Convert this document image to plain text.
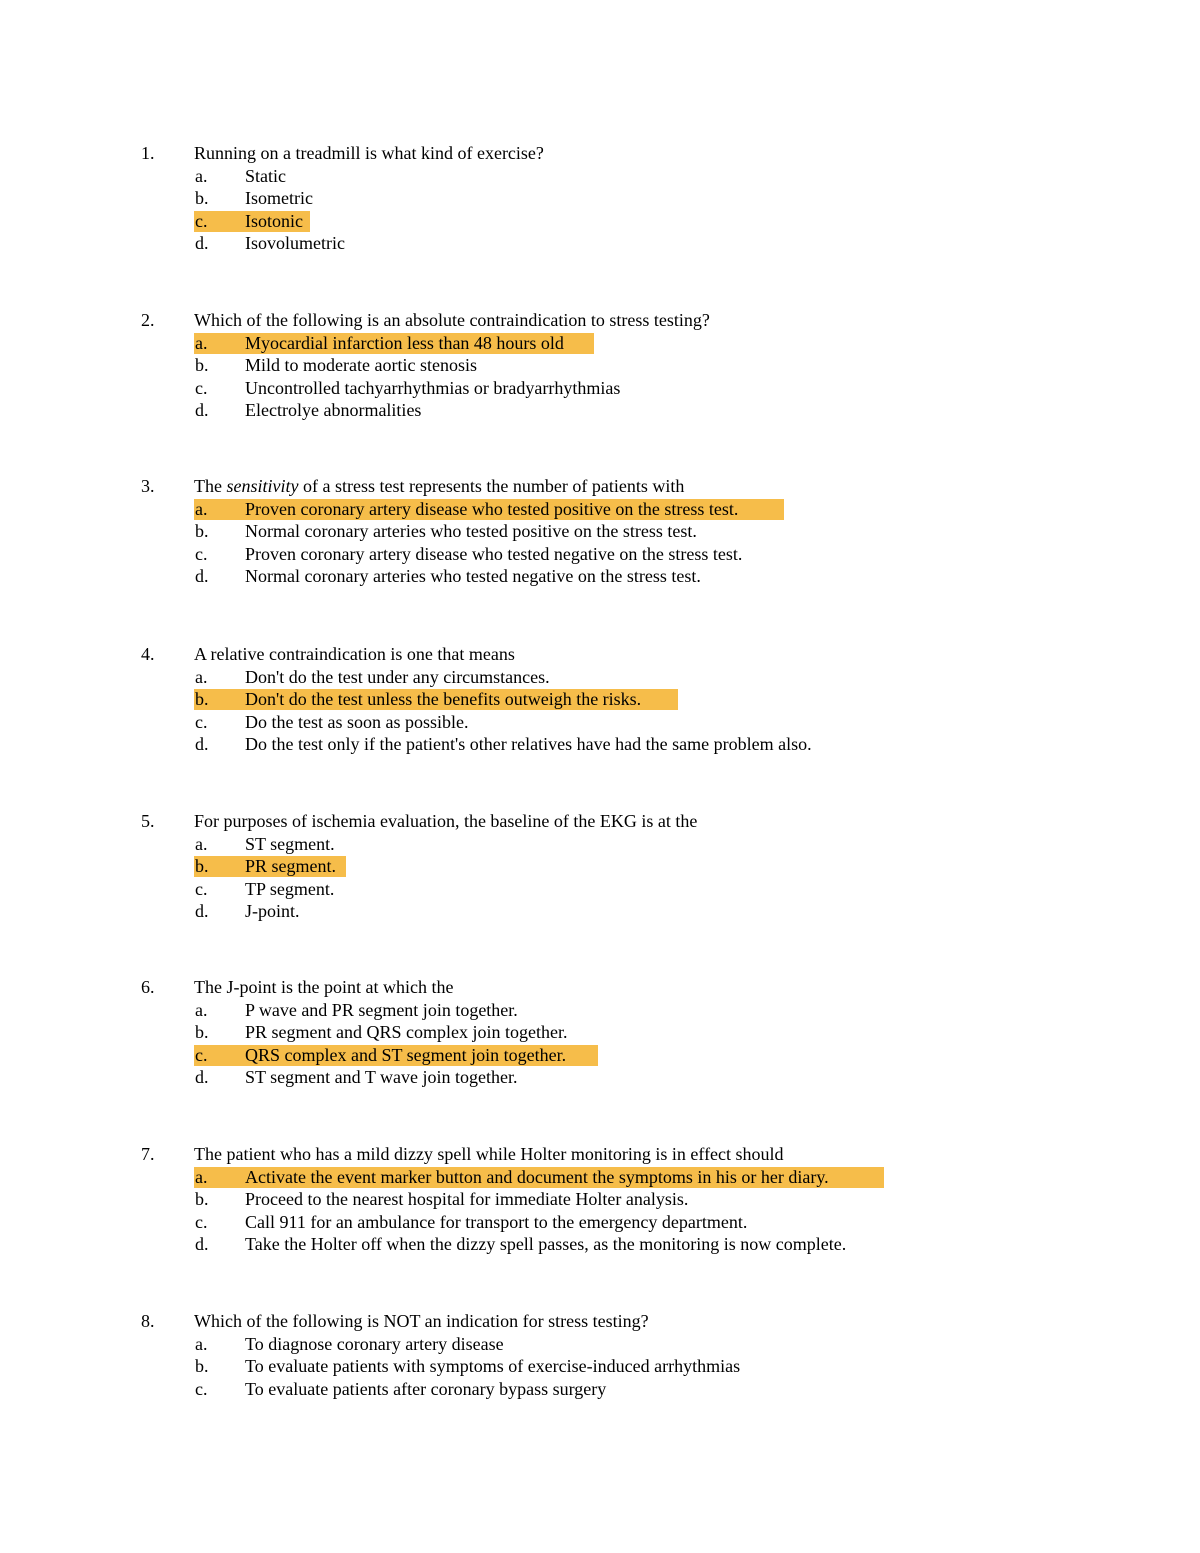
1. Running on a treadmill is what kind of exercise?
a. Static
b. Isometric
c. Isotonic
d. Isovolumetric
2. Which of the following is an absolute contraindication to stress testing?
a. Myocardial infarction less than 48 hours old
b. Mild to moderate aortic stenosis
c. Uncontrolled tachyarrhythmias or bradyarrhythmias
d. Electrolye abnormalities
3. The sensitivity of a stress test represents the number of patients with
a. Proven coronary artery disease who tested positive on the stress test.
b. Normal coronary arteries who tested positive on the stress test.
c. Proven coronary artery disease who tested negative on the stress test.
d. Normal coronary arteries who tested negative on the stress test.
4. A relative contraindication is one that means
a. Don't do the test under any circumstances.
b. Don't do the test unless the benefits outweigh the risks.
c. Do the test as soon as possible.
d. Do the test only if the patient's other relatives have had the same problem also.
5. For purposes of ischemia evaluation, the baseline of the EKG is at the
a. ST segment.
b. PR segment.
c. TP segment.
d. J-point.
6. The J-point is the point at which the
a. P wave and PR segment join together.
b. PR segment and QRS complex join together.
c. QRS complex and ST segment join together.
d. ST segment and T wave join together.
7. The patient who has a mild dizzy spell while Holter monitoring is in effect should
a. Activate the event marker button and document the symptoms in his or her diary.
b. Proceed to the nearest hospital for immediate Holter analysis.
c. Call 911 for an ambulance for transport to the emergency department.
d. Take the Holter off when the dizzy spell passes, as the monitoring is now complete.
8. Which of the following is NOT an indication for stress testing?
a. To diagnose coronary artery disease
b. To evaluate patients with symptoms of exercise-induced arrhythmias
c. To evaluate patients after coronary bypass surgery
